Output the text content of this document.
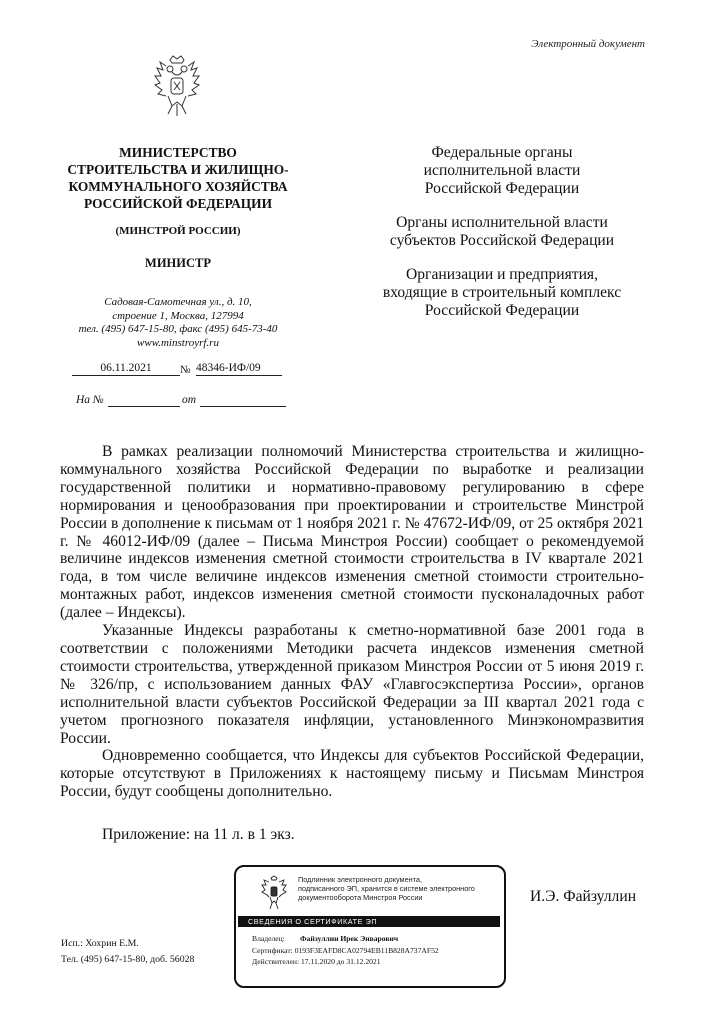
Электронный документ
МИНИСТЕРСТВО
СТРОИТЕЛЬСТВА И ЖИЛИЩНО-
КОММУНАЛЬНОГО ХОЗЯЙСТВА
РОССИЙСКОЙ ФЕДЕРАЦИИ
(МИНСТРОЙ РОССИИ)
МИНИСТР
Садовая-Самотечная ул., д. 10,
строение 1, Москва, 127994
тел. (495) 647-15-80, факс (495) 645-73-40
www.minstroyrf.ru
06.11.2021	№ 48346-ИФ/09
На №	от
Федеральные органы
исполнительной власти
Российской Федерации
Органы исполнительной власти
субъектов Российской Федерации
Организации и предприятия,
входящие в строительный комплекс
Российской Федерации

В рамках реализации полномочий Министерства строительства и жилищно-коммунального хозяйства Российской Федерации по выработке и реализации государственной политики и нормативно-правовому регулированию в сфере нормирования и ценообразования при проектировании и строительстве Минстрой России в дополнение к письмам от 1 ноября 2021 г. № 47672-ИФ/09, от 25 октября 2021 г. № 46012-ИФ/09 (далее – Письма Минстроя России) сообщает о рекомендуемой величине индексов изменения сметной стоимости строительства в IV квартале 2021 года, в том числе величине индексов изменения сметной стоимости строительно-монтажных работ, индексов изменения сметной стоимости пусконаладочных работ (далее – Индексы).

Указанные Индексы разработаны к сметно-нормативной базе 2001 года в соответствии с положениями Методики расчета индексов изменения сметной стоимости строительства, утвержденной приказом Минстроя России от 5 июня 2019 г. № 326/пр, с использованием данных ФАУ «Главгосэкспертиза России», органов исполнительной власти субъектов Российской Федерации за III квартал 2021 года с учетом прогнозного показателя инфляции, установленного Минэкономразвития России.

Одновременно сообщается, что Индексы для субъектов Российской Федерации, которые отсутствуют в Приложениях к настоящему письму и Письмам Минстроя России, будут сообщены дополнительно.

Приложение: на 11 л. в 1 экз.
Подлинник электронного документа,
подписанного ЭП, хранится в системе электронного
документооборота Минстроя России
СВЕДЕНИЯ О СЕРТИФИКАТЕ ЭП
Владелец: Файзуллин Ирек Энварович
Сертификат: 0193F3EAFD8CA02794EB11B828A737AF52
Действителен: 17.11.2020 до 31.12.2021
И.Э. Файзуллин
Исп.: Хохрин Е.М.
Тел. (495) 647-15-80, доб. 56028
